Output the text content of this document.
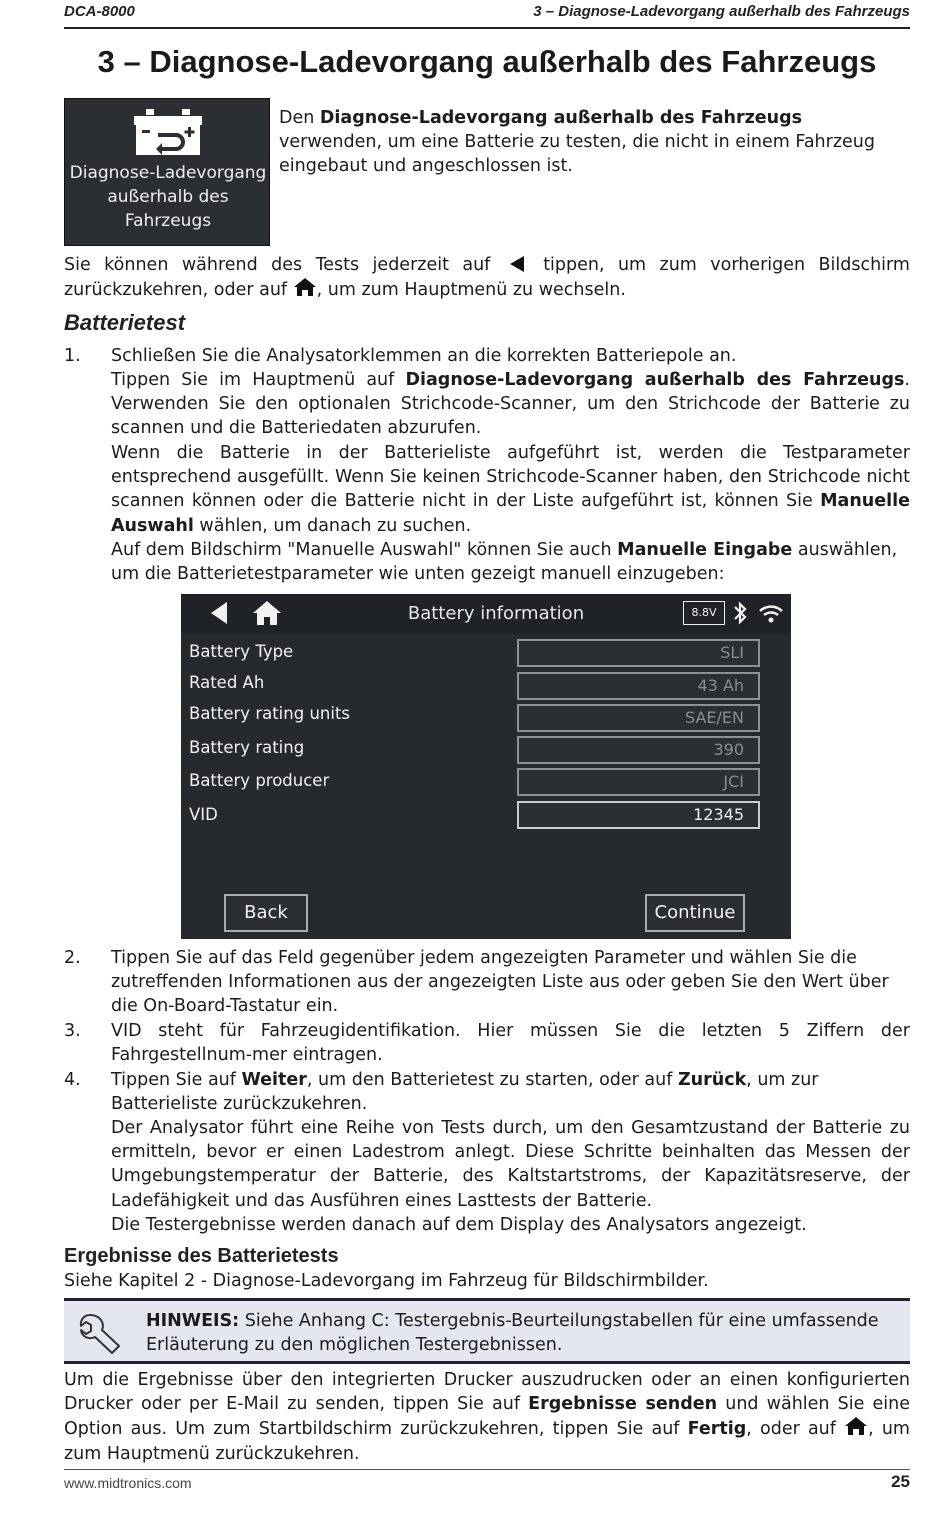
DCA-8000	3 – Diagnose-Ladevorgang außerhalb des Fahrzeugs
3 – Diagnose-Ladevorgang außerhalb des Fahrzeugs
Diagnose-Ladevorgang
außerhalb des
Fahrzeugs
Den Diagnose-Ladevorgang außerhalb des Fahrzeugs verwenden, um eine Batterie zu testen, die nicht in einem Fahrzeug eingebaut und angeschlossen ist.
Sie können während des Tests jederzeit auf	tippen, um zum vorherigen Bildschirm
zurückzukehren, oder auf , um zum Hauptmenü zu wechseln.
Batterietest
1. Schließen Sie die Analysatorklemmen an die korrekten Batteriepole an.
Tippen Sie im Hauptmenü auf Diagnose-Ladevorgang außerhalb des Fahrzeugs. Verwenden Sie den optionalen Strichcode-Scanner, um den Strichcode der Batterie zu scannen und die Batteriedaten abzurufen.
Wenn die Batterie in der Batterieliste aufgeführt ist, werden die Testparameter entsprechend ausgefüllt. Wenn Sie keinen Strichcode-Scanner haben, den Strichcode nicht scannen können oder die Batterie nicht in der Liste aufgeführt ist, können Sie Manuelle Auswahl wählen, um danach zu suchen.
Auf dem Bildschirm "Manuelle Auswahl" können Sie auch Manuelle Eingabe auswählen, um die Batterietestparameter wie unten gezeigt manuell einzugeben:
Battery information	8.8V
Battery Type	SLI
Rated Ah	43 Ah
Battery rating units	SAE/EN
Battery rating	390
Battery producer	JCI
VID	12345
Back	Continue
2. Tippen Sie auf das Feld gegenüber jedem angezeigten Parameter und wählen Sie die zutreffenden Informationen aus der angezeigten Liste aus oder geben Sie den Wert über die On-Board-Tastatur ein.
3. VID steht für Fahrzeugidentifikation. Hier müssen Sie die letzten 5 Ziffern der Fahrgestellnum-mer eintragen.
4. Tippen Sie auf Weiter, um den Batterietest zu starten, oder auf Zurück, um zur Batterieliste zurückzukehren.
Der Analysator führt eine Reihe von Tests durch, um den Gesamtzustand der Batterie zu ermitteln, bevor er einen Ladestrom anlegt. Diese Schritte beinhalten das Messen der Umgebungstemperatur der Batterie, des Kaltstartstroms, der Kapazitätsreserve, der Ladefähigkeit und das Ausführen eines Lasttests der Batterie.
Die Testergebnisse werden danach auf dem Display des Analysators angezeigt.
Ergebnisse des Batterietests
Siehe Kapitel 2 - Diagnose-Ladevorgang im Fahrzeug für Bildschirmbilder.
HINWEIS: Siehe Anhang C: Testergebnis-Beurteilungstabellen für eine umfassende Erläuterung zu den möglichen Testergebnissen.
Um die Ergebnisse über den integrierten Drucker auszudrucken oder an einen konfigurierten Drucker oder per E-Mail zu senden, tippen Sie auf Ergebnisse senden und wählen Sie eine Option aus. Um zum Startbildschirm zurückzukehren, tippen Sie auf Fertig, oder auf , um zum Hauptmenü zurückzukehren.
www.midtronics.com	25
